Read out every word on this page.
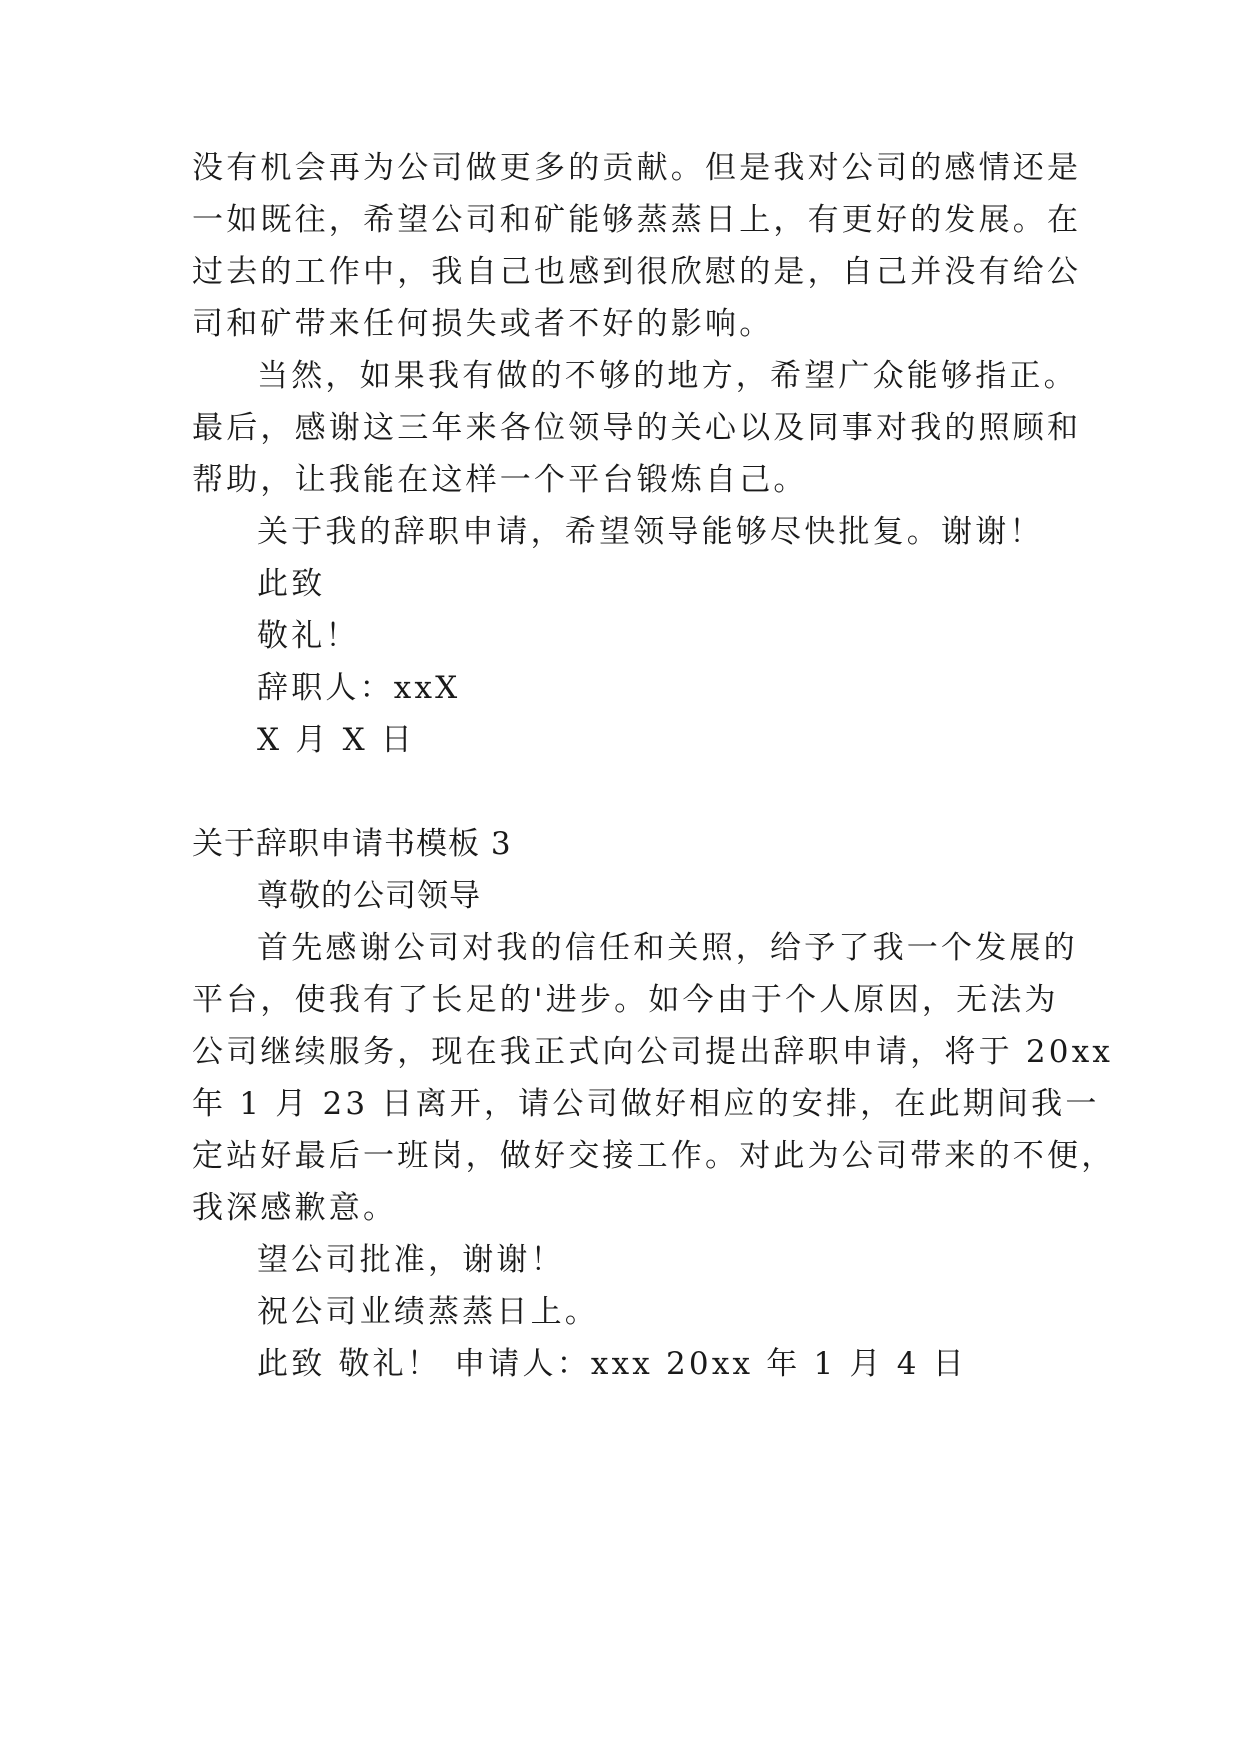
没有机会再为公司做更多的贡献。但是我对公司的感情还是
一如既往，希望公司和矿能够蒸蒸日上，有更好的发展。在
过去的工作中，我自己也感到很欣慰的是，自己并没有给公
司和矿带来任何损失或者不好的影响。
当然，如果我有做的不够的地方，希望广众能够指正。
最后，感谢这三年来各位领导的关心以及同事对我的照顾和
帮助，让我能在这样一个平台锻炼自己。
关于我的辞职申请，希望领导能够尽快批复。谢谢！
此致
敬礼！
辞职人：xxX
X 月 X 日
关于辞职申请书模板 3
尊敬的公司领导
首先感谢公司对我的信任和关照，给予了我一个发展的
平台，使我有了长足的'进步。如今由于个人原因，无法为
公司继续服务，现在我正式向公司提出辞职申请，将于 20xx
年 1 月 23 日离开，请公司做好相应的安排，在此期间我一
定站好最后一班岗，做好交接工作。对此为公司带来的不便，
我深感歉意。
望公司批准，谢谢！
祝公司业绩蒸蒸日上。
此致 敬礼！ 申请人：xxx 20xx 年 1 月 4 日
